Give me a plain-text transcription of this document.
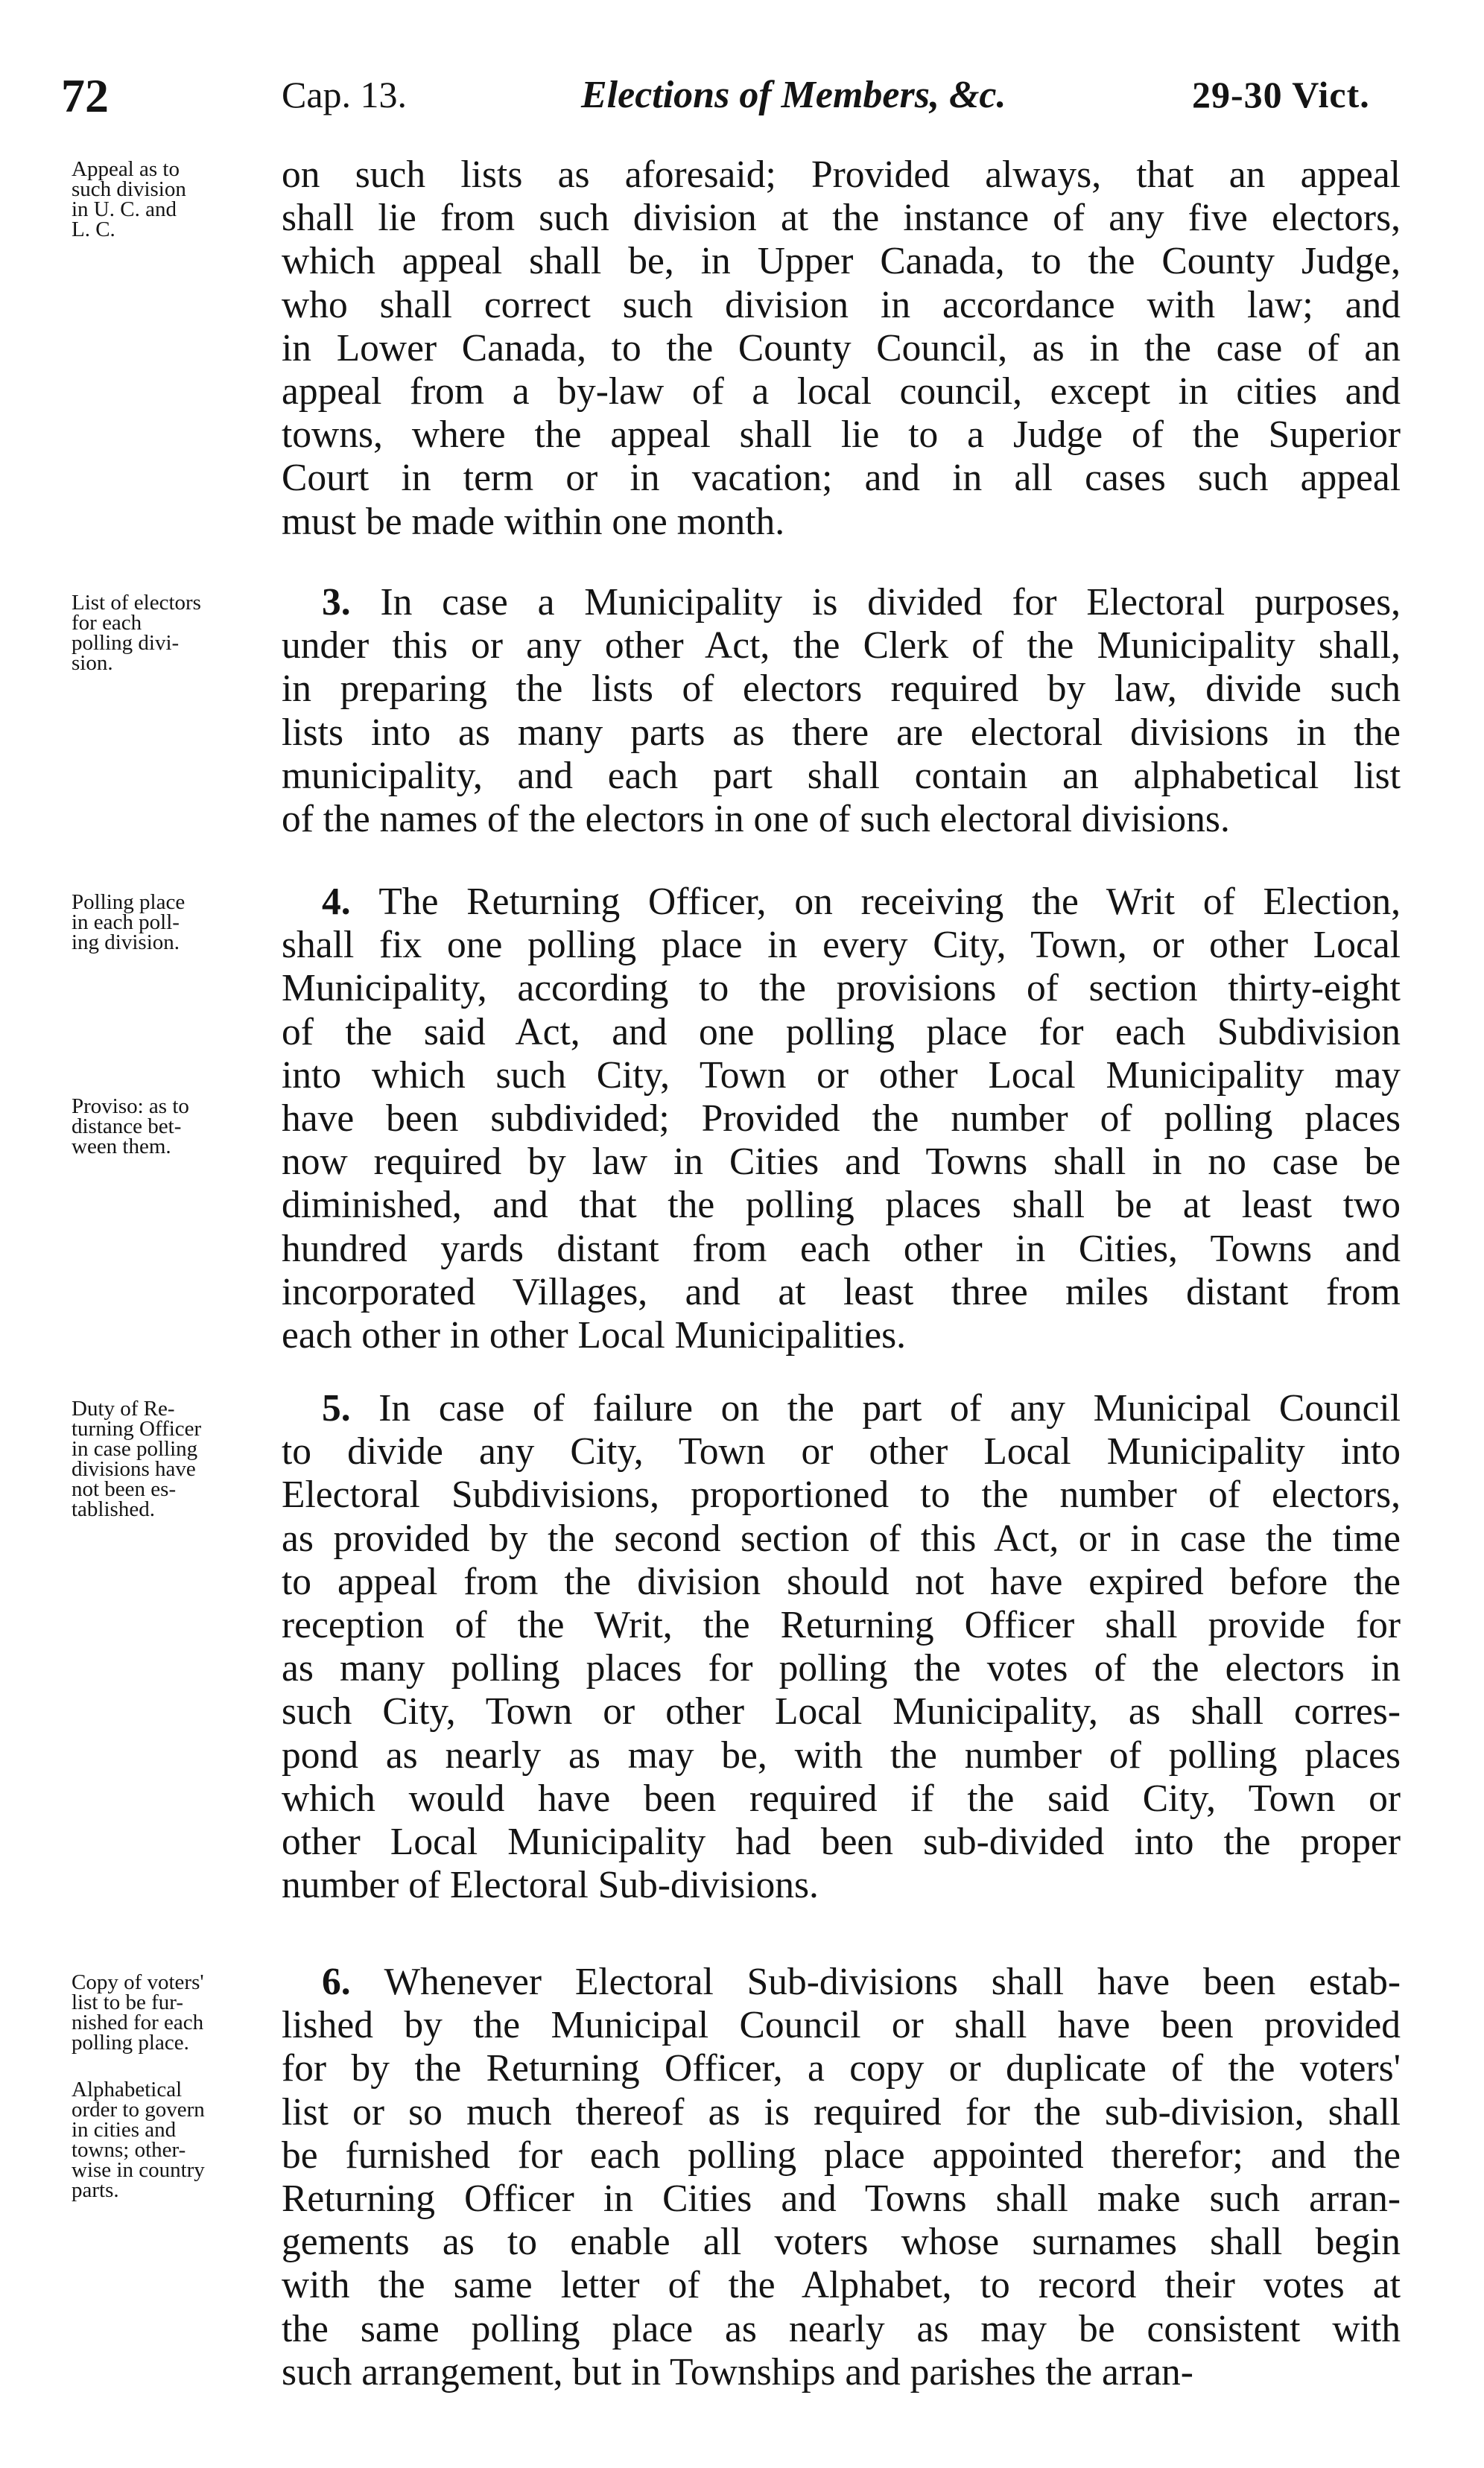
72	Cap. 13.	Elections of Members, &c.	29-30 Vict.
Appeal as to
such division
in U. C. and
L. C.
on such lists as aforesaid; Provided always, that an appeal
shall lie from such division at the instance of any five electors,
which appeal shall be, in Upper Canada, to the County Judge,
who shall correct such division in accordance with law; and
in Lower Canada, to the County Council, as in the case of an
appeal from a by-law of a local council, except in cities and
towns, where the appeal shall lie to a Judge of the Superior
Court in term or in vacation; and in all cases such appeal
must be made within one month.
List of electors
for each
polling divi-
sion.
3. In case a Municipality is divided for Electoral purposes,
under this or any other Act, the Clerk of the Municipality shall,
in preparing the lists of electors required by law, divide such
lists into as many parts as there are electoral divisions in the
municipality, and each part shall contain an alphabetical list
of the names of the electors in one of such electoral divisions.
Polling place
in each poll-
ing division.
Proviso: as to
distance bet-
ween them.
4. The Returning Officer, on receiving the Writ of Election,
shall fix one polling place in every City, Town, or other Local
Municipality, according to the provisions of section thirty-eight
of the said Act, and one polling place for each Subdivision
into which such City, Town or other Local Municipality may
have been subdivided; Provided the number of polling places
now required by law in Cities and Towns shall in no case be
diminished, and that the polling places shall be at least two
hundred yards distant from each other in Cities, Towns and
incorporated Villages, and at least three miles distant from
each other in other Local Municipalities.
Duty of Re-
turning Officer
in case polling
divisions have
not been es-
tablished.
5. In case of failure on the part of any Municipal Council
to divide any City, Town or other Local Municipality into
Electoral Subdivisions, proportioned to the number of electors,
as provided by the second section of this Act, or in case the time
to appeal from the division should not have expired before the
reception of the Writ, the Returning Officer shall provide for
as many polling places for polling the votes of the electors in
such City, Town or other Local Municipality, as shall corres-
pond as nearly as may be, with the number of polling places
which would have been required if the said City, Town or
other Local Municipality had been sub-divided into the proper
number of Electoral Sub-divisions.
Copy of voters'
list to be fur-
nished for each
polling place.
Alphabetical
order to govern
in cities and
towns; other-
wise in country
parts.
6. Whenever Electoral Sub-divisions shall have been estab-
lished by the Municipal Council or shall have been provided
for by the Returning Officer, a copy or duplicate of the voters'
list or so much thereof as is required for the sub-division, shall
be furnished for each polling place appointed therefor; and the
Returning Officer in Cities and Towns shall make such arran-
gements as to enable all voters whose surnames shall begin
with the same letter of the Alphabet, to record their votes at
the same polling place as nearly as may be consistent with
such arrangement, but in Townships and parishes the arran-
